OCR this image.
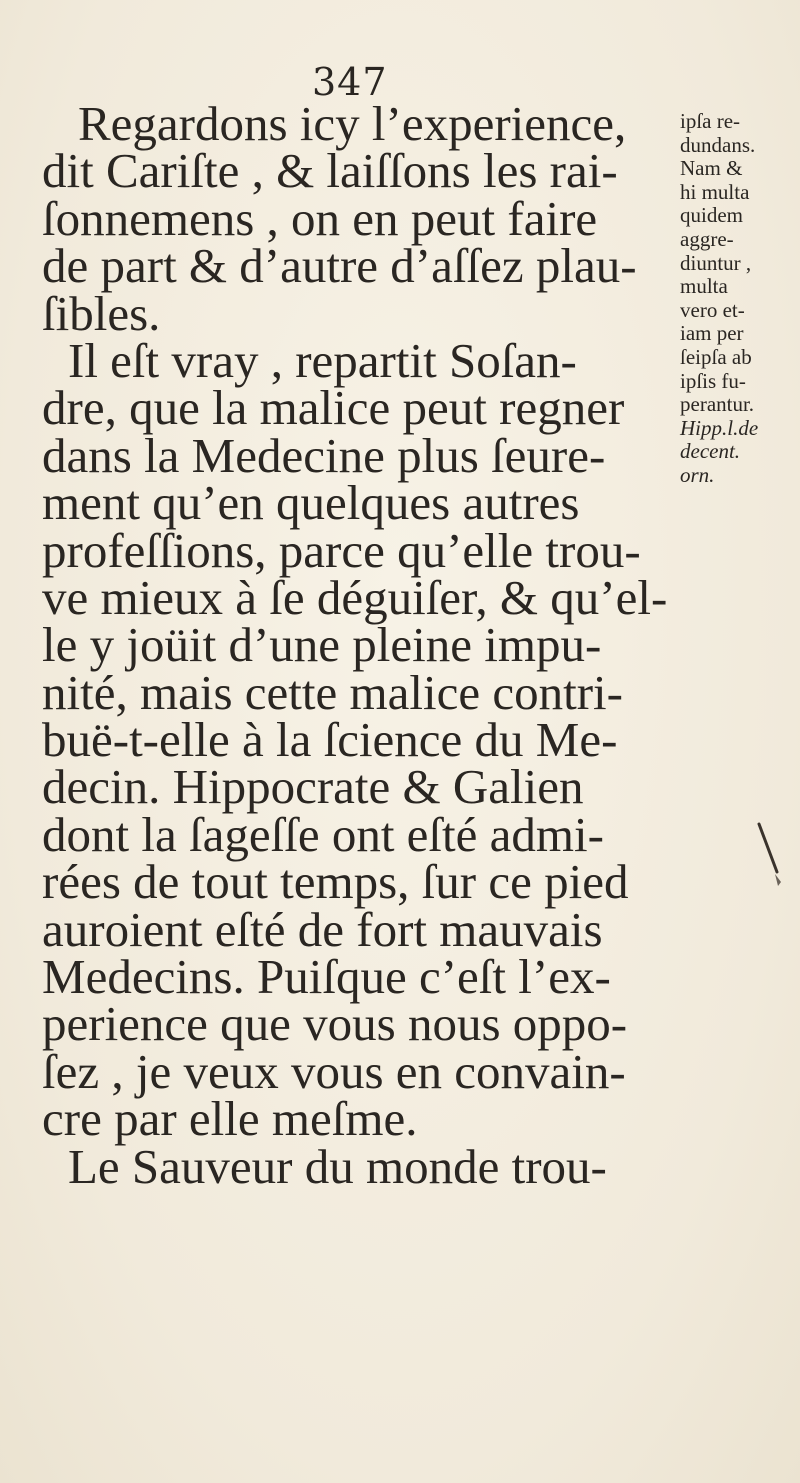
347
Regardons icy l’experience,
dit Cariſte , & laiſſons les rai-
ſonnemens , on en peut faire
de part & d’autre d’aſſez plau-
ſibles.
Il eſt vray , repartit Soſan-
dre, que la malice peut regner
dans la Medecine plus ſeure-
ment qu’en quelques autres
profeſſions, parce qu’elle trou-
ve mieux à ſe déguiſer, & qu’el-
le y joüit d’une pleine impu-
nité, mais cette malice contri-
buë-t-elle à la ſcience du Me-
decin. Hippocrate & Galien
dont la ſageſſe ont eſté admi-
rées de tout temps, ſur ce pied
auroient eſté de fort mauvais
Medecins. Puiſque c’eſt l’ex-
perience que vous nous oppo-
ſez , je veux vous en convain-
cre par elle meſme.
Le Sauveur du monde trou-
ipſa re-
dundans.
Nam &
hi multa
quidem
aggre-
diuntur ,
multa
vero et-
iam per
ſeipſa ab
ipſis fu-
perantur.
Hipp.l.de
decent.
orn.
